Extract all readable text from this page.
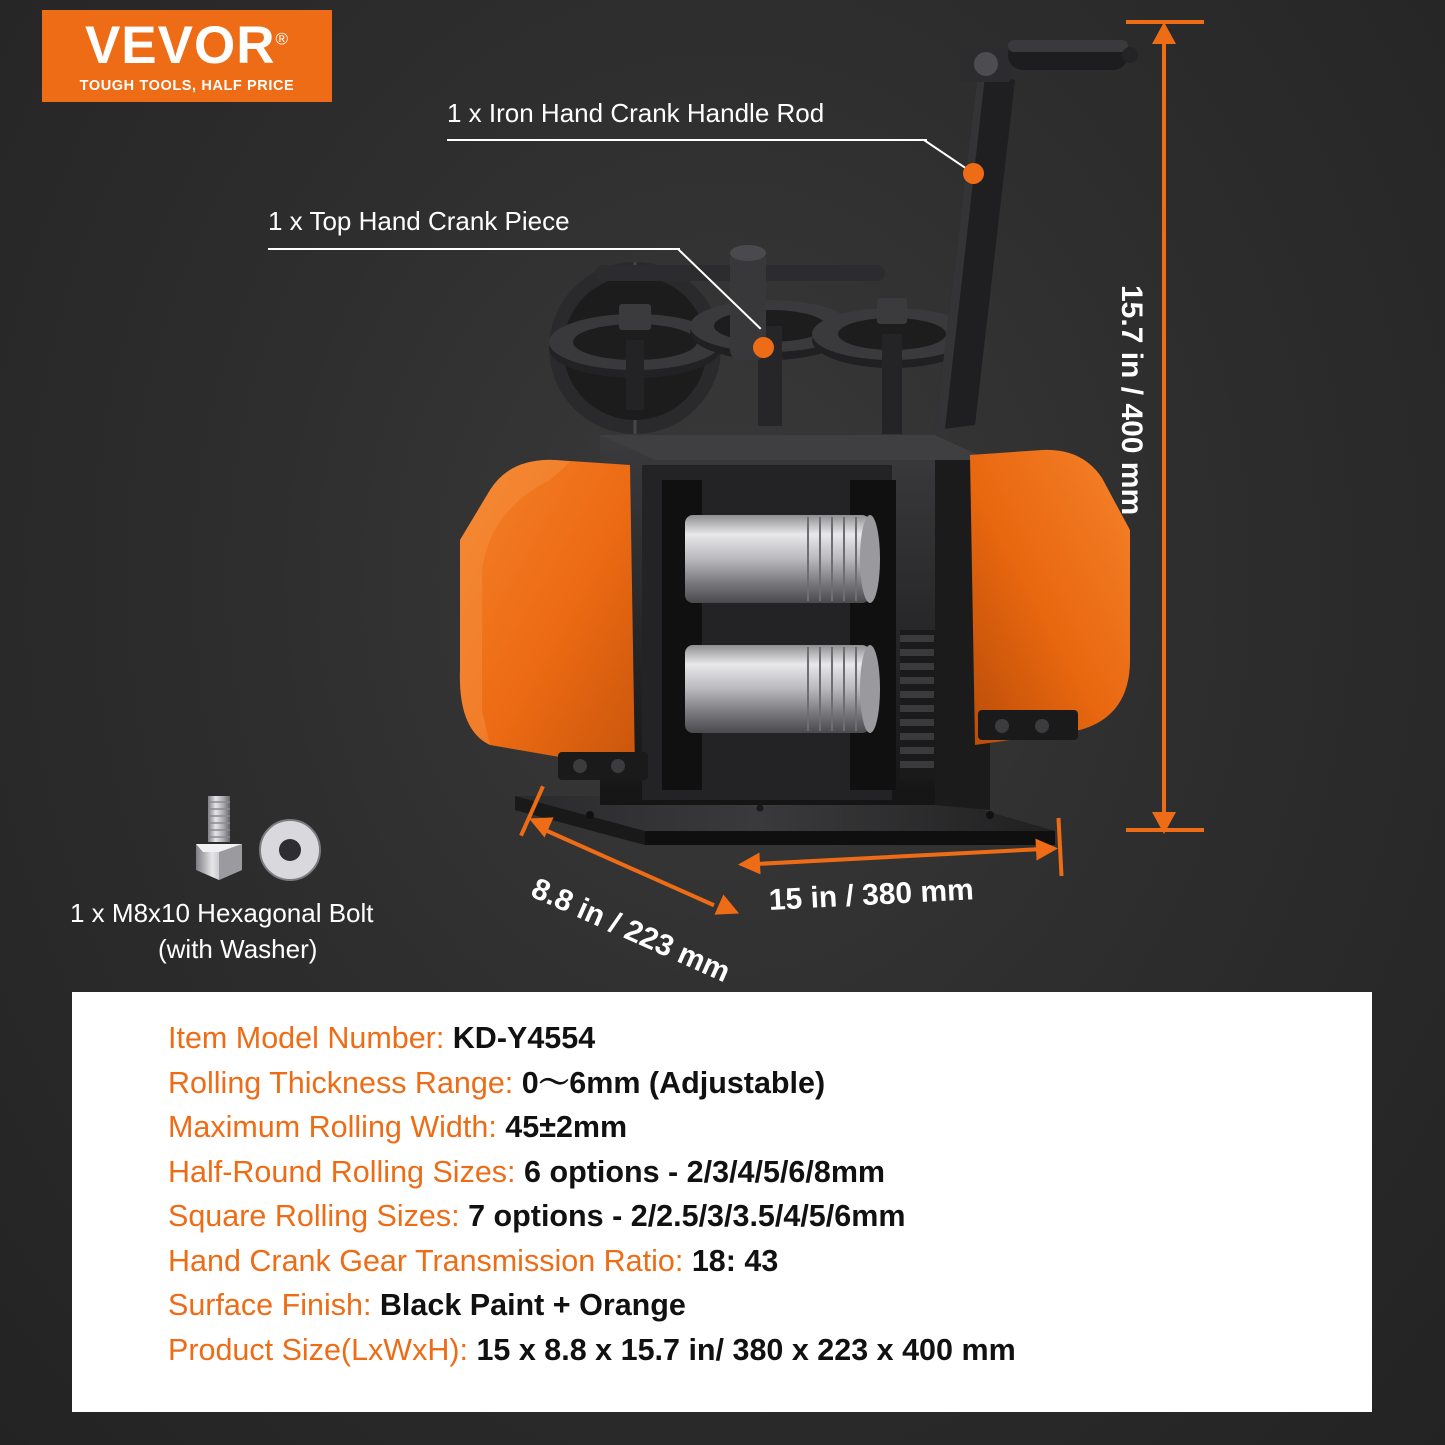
VEVOR®
TOUGH TOOLS, HALF PRICE
1 x Iron Hand Crank Handle Rod
1 x Top Hand Crank Piece
15.7 in / 400 mm
8.8 in / 223 mm 15 in / 380 mm
1 x M8x10 Hexagonal Bolt
(with Washer)
Item Model Number: KD-Y4554
Rolling Thickness Range: 0～6mm (Adjustable)
Maximum Rolling Width: 45±2mm
Half-Round Rolling Sizes: 6 options - 2/3/4/5/6/8mm
Square Rolling Sizes: 7 options - 2/2.5/3/3.5/4/5/6mm
Hand Crank Gear Transmission Ratio: 18: 43
Surface Finish: Black Paint + Orange
Product Size(LxWxH): 15 x 8.8 x 15.7 in/ 380 x 223 x 400 mm
